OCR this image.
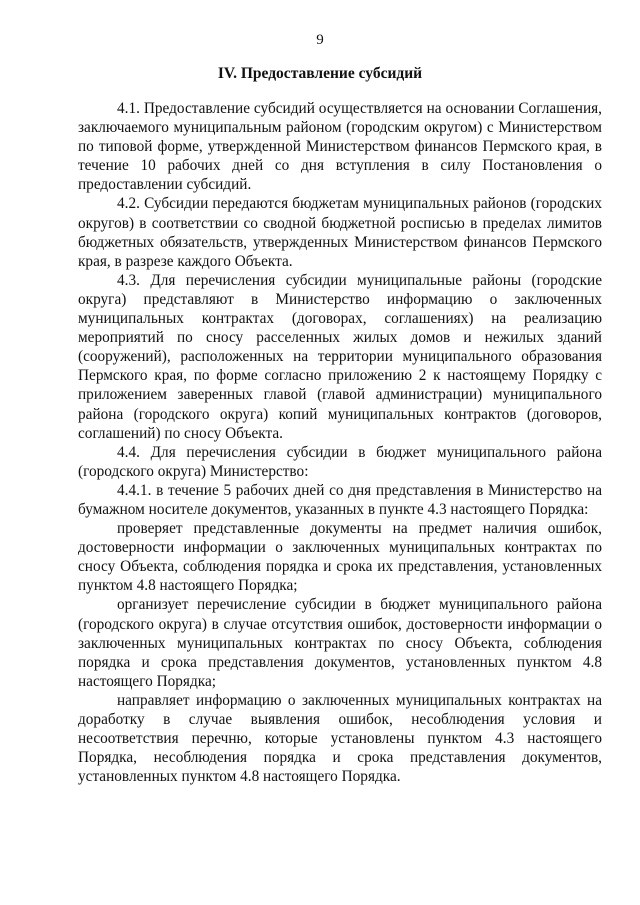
9

IV. Предоставление субсидий

4.1. Предоставление субсидий осуществляется на основании Соглашения, заключаемого муниципальным районом (городским округом) с Министерством по типовой форме, утвержденной Министерством финансов Пермского края, в течение 10 рабочих дней со дня вступления в силу Постановления о предоставлении субсидий.

4.2. Субсидии передаются бюджетам муниципальных районов (городских округов) в соответствии со сводной бюджетной росписью в пределах лимитов бюджетных обязательств, утвержденных Министерством финансов Пермского края, в разрезе каждого Объекта.

4.3. Для перечисления субсидии муниципальные районы (городские округа) представляют в Министерство информацию о заключенных муниципальных контрактах (договорах, соглашениях) на реализацию мероприятий по сносу расселенных жилых домов и нежилых зданий (сооружений), расположенных на территории муниципального образования Пермского края, по форме согласно приложению 2 к настоящему Порядку с приложением заверенных главой (главой администрации) муниципального района (городского округа) копий муниципальных контрактов (договоров, соглашений) по сносу Объекта.

4.4. Для перечисления субсидии в бюджет муниципального района (городского округа) Министерство:

4.4.1. в течение 5 рабочих дней со дня представления в Министерство на бумажном носителе документов, указанных в пункте 4.3 настоящего Порядка:

проверяет представленные документы на предмет наличия ошибок, достоверности информации о заключенных муниципальных контрактах по сносу Объекта, соблюдения порядка и срока их представления, установленных пунктом 4.8 настоящего Порядка;

организует перечисление субсидии в бюджет муниципального района (городского округа) в случае отсутствия ошибок, достоверности информации о заключенных муниципальных контрактах по сносу Объекта, соблюдения порядка и срока представления документов, установленных пунктом 4.8 настоящего Порядка;

направляет информацию о заключенных муниципальных контрактах на доработку в случае выявления ошибок, несоблюдения условия и несоответствия перечню, которые установлены пунктом 4.3 настоящего Порядка, несоблюдения порядка и срока представления документов, установленных пунктом 4.8 настоящего Порядка.
